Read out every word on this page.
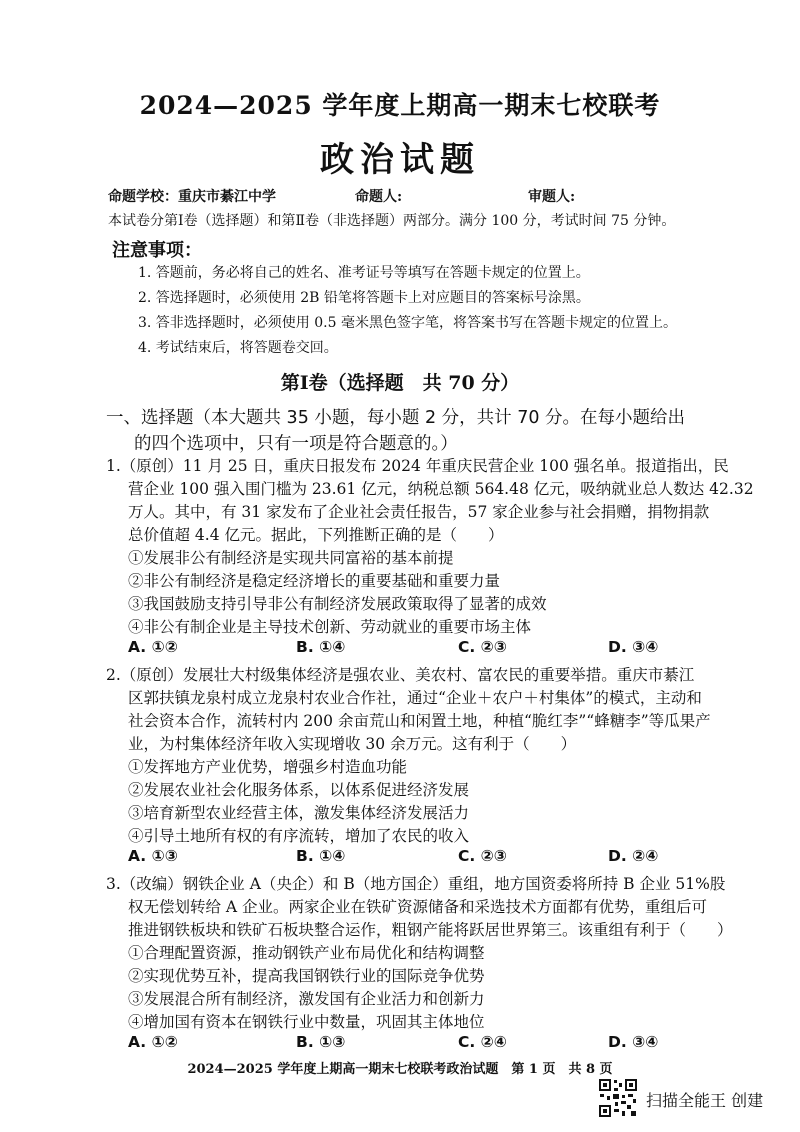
2024—2025 学年度上期高一期末七校联考
政治试题
命题学校：重庆市綦江中学	命题人:	审题人:
本试卷分第Ⅰ卷（选择题）和第Ⅱ卷（非选择题）两部分。满分 100 分，考试时间 75 分钟。
注意事项：
1. 答题前，务必将自己的姓名、准考证号等填写在答题卡规定的位置上。
2. 答选择题时，必须使用 2B 铅笔将答题卡上对应题目的答案标号涂黑。
3. 答非选择题时，必须使用 0.5 毫米黑色签字笔，将答案书写在答题卡规定的位置上。
4. 考试结束后，将答题卷交回。
第Ⅰ卷（选择题　共 70 分）
一、选择题（本大题共 35 小题，每小题 2 分，共计 70 分。在每小题给出
的四个选项中，只有一项是符合题意的。）
1.（原创）11 月 25 日，重庆日报发布 2024 年重庆民营企业 100 强名单。报道指出，民
营企业 100 强入围门槛为 23.61 亿元，纳税总额 564.48 亿元，吸纳就业总人数达 42.32
万人。其中，有 31 家发布了企业社会责任报告，57 家企业参与社会捐赠，捐物捐款
总价值超 4.4 亿元。据此，下列推断正确的是（　　）
①发展非公有制经济是实现共同富裕的基本前提
②非公有制经济是稳定经济增长的重要基础和重要力量
③我国鼓励支持引导非公有制经济发展政策取得了显著的成效
④非公有制企业是主导技术创新、劳动就业的重要市场主体
A. ①②	B. ①④	C. ②③	D. ③④
2.（原创）发展壮大村级集体经济是强农业、美农村、富农民的重要举措。重庆市綦江
区郭扶镇龙泉村成立龙泉村农业合作社，通过“企业＋农户＋村集体”的模式，主动和
社会资本合作，流转村内 200 余亩荒山和闲置土地，种植“脆红李”“蜂糖李”等瓜果产
业，为村集体经济年收入实现增收 30 余万元。这有利于（　　）
①发挥地方产业优势，增强乡村造血功能
②发展农业社会化服务体系，以体系促进经济发展
③培育新型农业经营主体，激发集体经济发展活力
④引导土地所有权的有序流转，增加了农民的收入
A. ①③	B. ①④	C. ②③	D. ②④
3.（改编）钢铁企业 A（央企）和 B（地方国企）重组，地方国资委将所持 B 企业 51%股
权无偿划转给 A 企业。两家企业在铁矿资源储备和采选技术方面都有优势，重组后可
推进钢铁板块和铁矿石板块整合运作，粗钢产能将跃居世界第三。该重组有利于（　　）
①合理配置资源，推动钢铁产业布局优化和结构调整
②实现优势互补，提高我国钢铁行业的国际竞争优势
③发展混合所有制经济，激发国有企业活力和创新力
④增加国有资本在钢铁行业中数量，巩固其主体地位
A. ①②	B. ①③	C. ②④	D. ③④
2024—2025 学年度上期高一期末七校联考政治试题　第 1 页　共 8 页
扫描全能王 创建
